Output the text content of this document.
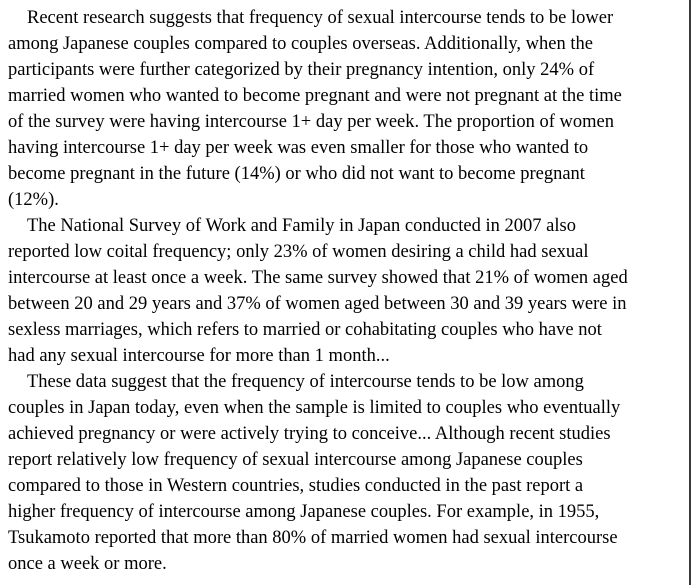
Recent research suggests that frequency of sexual intercourse tends to be lower
among Japanese couples compared to couples overseas. Additionally, when the
participants were further categorized by their pregnancy intention, only 24% of
married women who wanted to become pregnant and were not pregnant at the time
of the survey were having intercourse 1+ day per week. The proportion of women
having intercourse 1+ day per week was even smaller for those who wanted to
become pregnant in the future (14%) or who did not want to become pregnant
(12%).
The National Survey of Work and Family in Japan conducted in 2007 also
reported low coital frequency; only 23% of women desiring a child had sexual
intercourse at least once a week. The same survey showed that 21% of women aged
between 20 and 29 years and 37% of women aged between 30 and 39 years were in
sexless marriages, which refers to married or cohabitating couples who have not
had any sexual intercourse for more than 1 month...
These data suggest that the frequency of intercourse tends to be low among
couples in Japan today, even when the sample is limited to couples who eventually
achieved pregnancy or were actively trying to conceive... Although recent studies
report relatively low frequency of sexual intercourse among Japanese couples
compared to those in Western countries, studies conducted in the past report a
higher frequency of intercourse among Japanese couples. For example, in 1955,
Tsukamoto reported that more than 80% of married women had sexual intercourse
once a week or more.
